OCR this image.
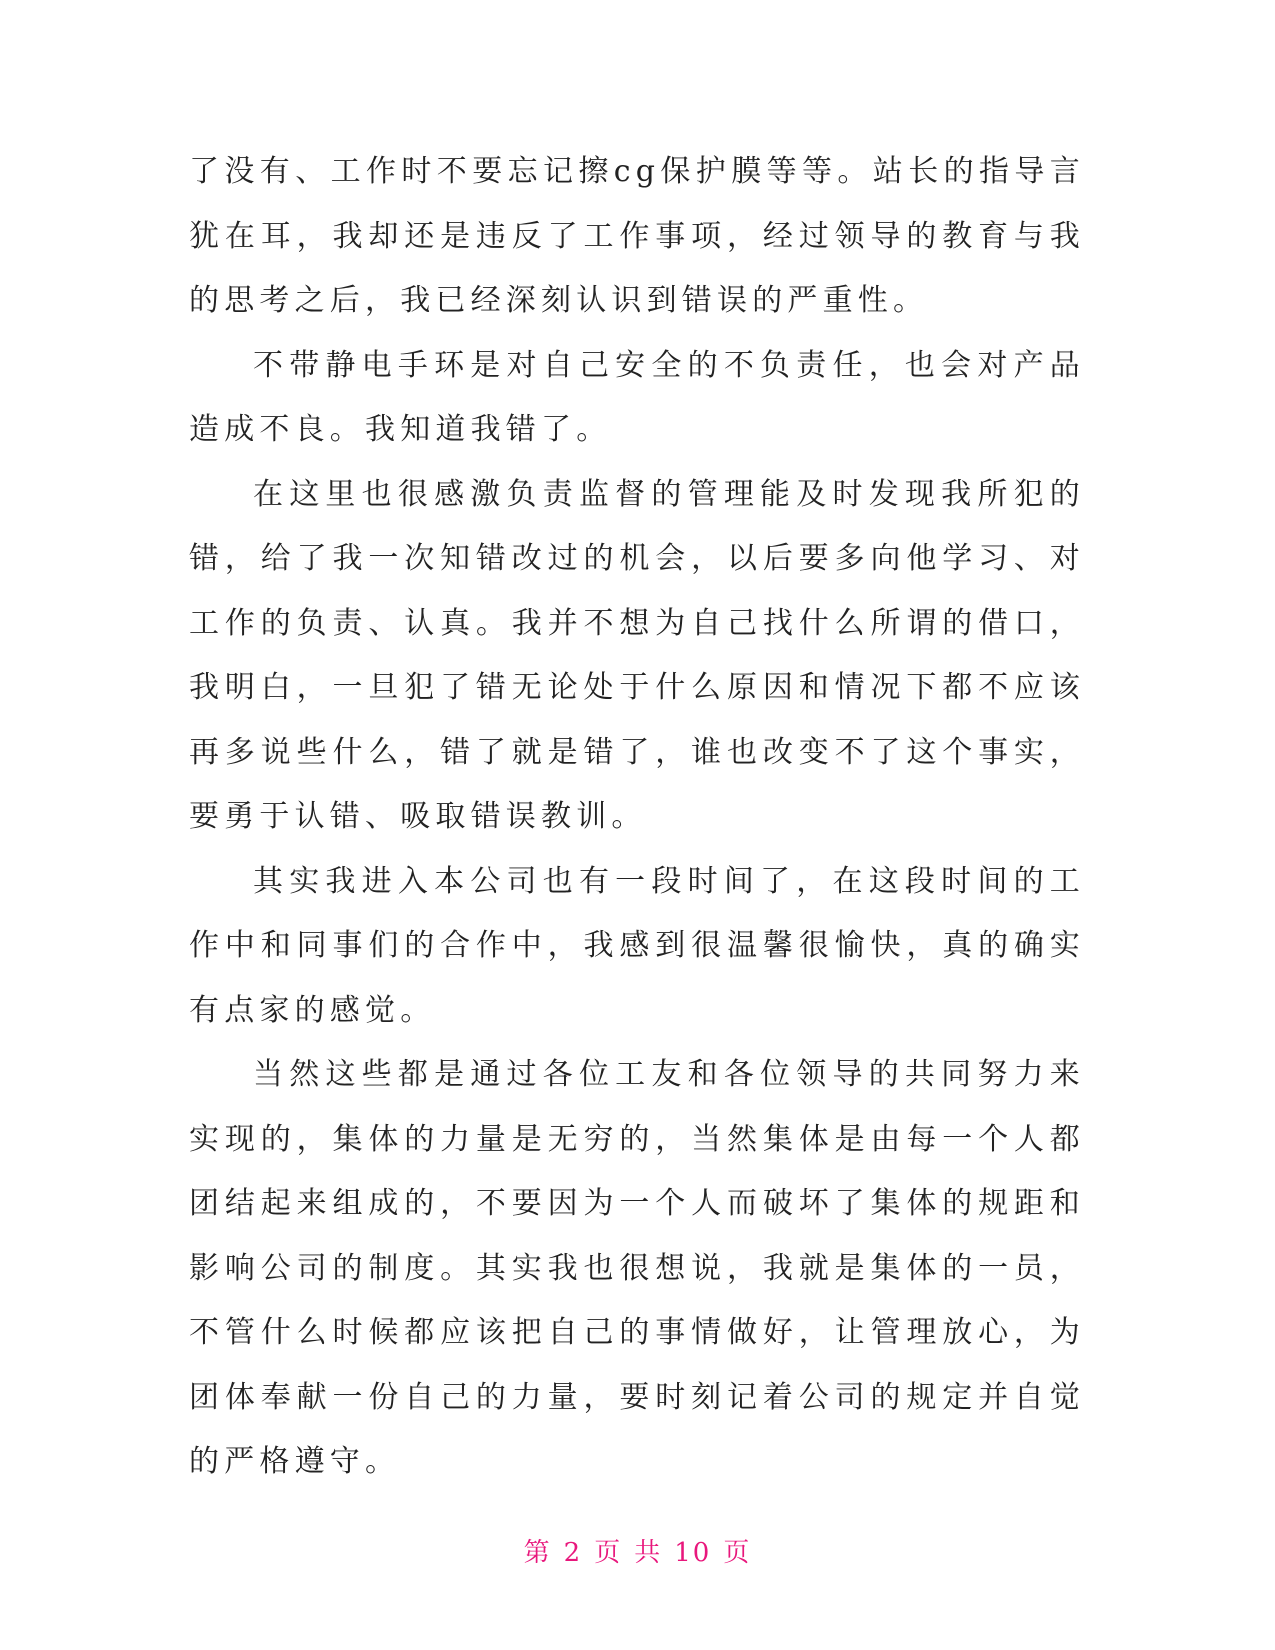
了没有、工作时不要忘记擦cg保护膜等等。站长的指导言犹在耳，我却还是违反了工作事项，经过领导的教育与我的思考之后，我已经深刻认识到错误的严重性。

不带静电手环是对自己安全的不负责任，也会对产品造成不良。我知道我错了。

在这里也很感激负责监督的管理能及时发现我所犯的错，给了我一次知错改过的机会，以后要多向他学习、对工作的负责、认真。我并不想为自己找什么所谓的借口，我明白，一旦犯了错无论处于什么原因和情况下都不应该再多说些什么，错了就是错了，谁也改变不了这个事实，要勇于认错、吸取错误教训。

其实我进入本公司也有一段时间了，在这段时间的工作中和同事们的合作中，我感到很温馨很愉快，真的确实有点家的感觉。

当然这些都是通过各位工友和各位领导的共同努力来实现的，集体的力量是无穷的，当然集体是由每一个人都团结起来组成的，不要因为一个人而破坏了集体的规距和影响公司的制度。其实我也很想说，我就是集体的一员，不管什么时候都应该把自己的事情做好，让管理放心，为团体奉献一份自己的力量，要时刻记着公司的规定并自觉的严格遵守。

第 2 页 共 10 页
